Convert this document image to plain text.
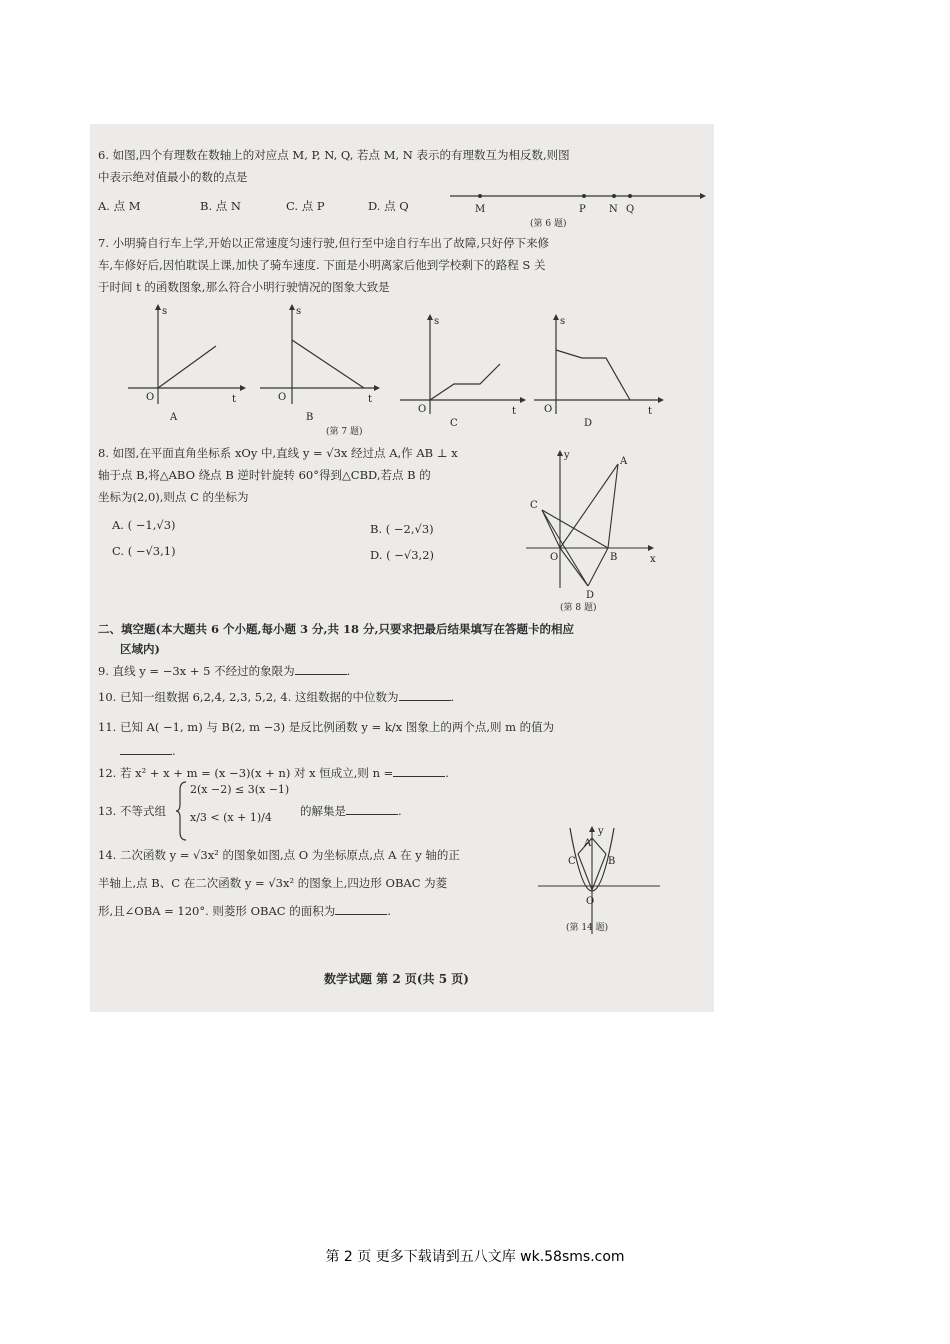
6. 如图,四个有理数在数轴上的对应点 M, P, N, Q, 若点 M, N 表示的有理数互为相反数,则图
中表示绝对值最小的数的点是
A. 点 M	B. 点 N	C. 点 P	D. 点 Q	M	P N Q
(第 6 题)
7. 小明骑自行车上学,开始以正常速度匀速行驶,但行至中途自行车出了故障,只好停下来修
车,车修好后,因怕耽误上课,加快了骑车速度. 下面是小明离家后他到学校剩下的路程 S 关
于时间 t 的函数图象,那么符合小明行驶情况的图象大致是
s
O	t
A
s
O	t
B
s
O	t
C
s
O	t
D
(第 7 题)
8. 如图,在平面直角坐标系 xOy 中,直线 y = √3x 经过点 A,作 AB ⊥ x
轴于点 B,将△ABO 绕点 B 逆时针旋转 60°得到△CBD,若点 B 的
坐标为(2,0),则点 C 的坐标为
A. ( −1,√3)	B. ( −2,√3)
C. ( −√3,1)	D. ( −√3,2)
A
B
C
D
O
y
x
(第 8 题)
二、填空题(本大题共 6 个小题,每小题 3 分,共 18 分,只要求把最后结果填写在答题卡的相应
区域内)
9. 直线 y = −3x + 5 不经过的象限为	.
10. 已知一组数据 6,2,4, 2,3, 5,2, 4. 这组数据的中位数为	.
11. 已知 A( −1, m) 与 B(2, m −3) 是反比例函数 y = k/x 图象上的两个点,则 m 的值为
.
12. 若 x² + x + m = (x −3)(x + n) 对 x 恒成立,则 n =	.
13. 不等式组
2(x −2) ≤ 3(x −1)
x/3 < (x + 1)/4 的解集是	.
14. 二次函数 y = √3x² 的图象如图,点 O 为坐标原点,点 A 在 y 轴的正
半轴上,点 B、C 在二次函数 y = √3x² 的图象上,四边形 OBAC 为菱
形,且∠OBA = 120°. 则菱形 OBAC 的面积为	.
A
B
C
O
y
(第 14 题)
数学试题 第 2 页(共 5 页)
第 2 页 更多下载请到五八文库 wk.58sms.com
